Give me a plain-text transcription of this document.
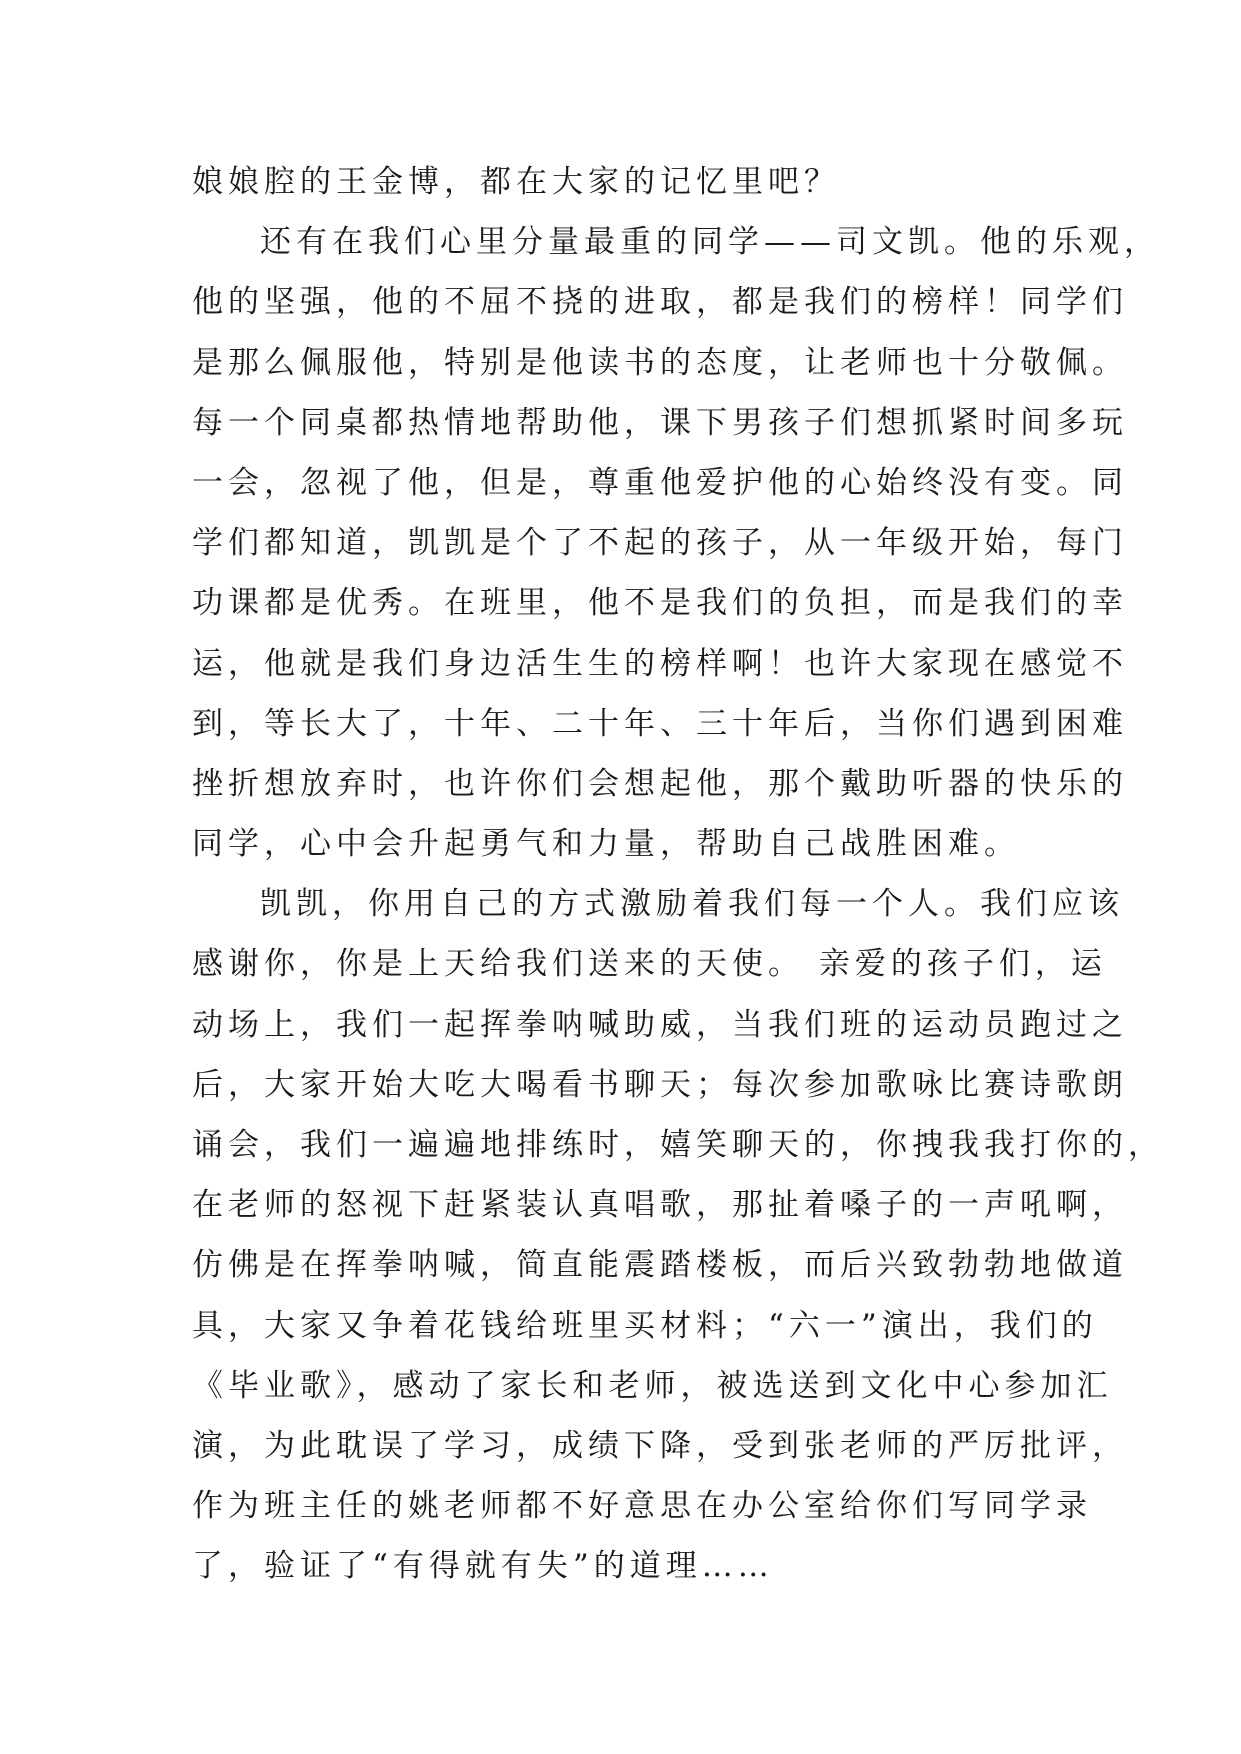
娘娘腔的王金博，都在大家的记忆里吧？
还有在我们心里分量最重的同学——司文凯。他的乐观，
他的坚强，他的不屈不挠的进取，都是我们的榜样！同学们
是那么佩服他，特别是他读书的态度，让老师也十分敬佩。
每一个同桌都热情地帮助他，课下男孩子们想抓紧时间多玩
一会，忽视了他，但是，尊重他爱护他的心始终没有变。同
学们都知道，凯凯是个了不起的孩子，从一年级开始，每门
功课都是优秀。在班里，他不是我们的负担，而是我们的幸
运，他就是我们身边活生生的榜样啊！也许大家现在感觉不
到，等长大了，十年、二十年、三十年后，当你们遇到困难
挫折想放弃时，也许你们会想起他，那个戴助听器的快乐的
同学，心中会升起勇气和力量，帮助自己战胜困难。
凯凯，你用自己的方式激励着我们每一个人。我们应该
感谢你，你是上天给我们送来的天使。 亲爱的孩子们，运
动场上，我们一起挥拳呐喊助威，当我们班的运动员跑过之
后，大家开始大吃大喝看书聊天；每次参加歌咏比赛诗歌朗
诵会，我们一遍遍地排练时，嬉笑聊天的，你拽我我打你的，
在老师的怒视下赶紧装认真唱歌，那扯着嗓子的一声吼啊，
仿佛是在挥拳呐喊，简直能震踏楼板，而后兴致勃勃地做道
具，大家又争着花钱给班里买材料；“六一”演出，我们的
《毕业歌》，感动了家长和老师，被选送到文化中心参加汇
演，为此耽误了学习，成绩下降，受到张老师的严厉批评，
作为班主任的姚老师都不好意思在办公室给你们写同学录
了，验证了“有得就有失”的道理……
